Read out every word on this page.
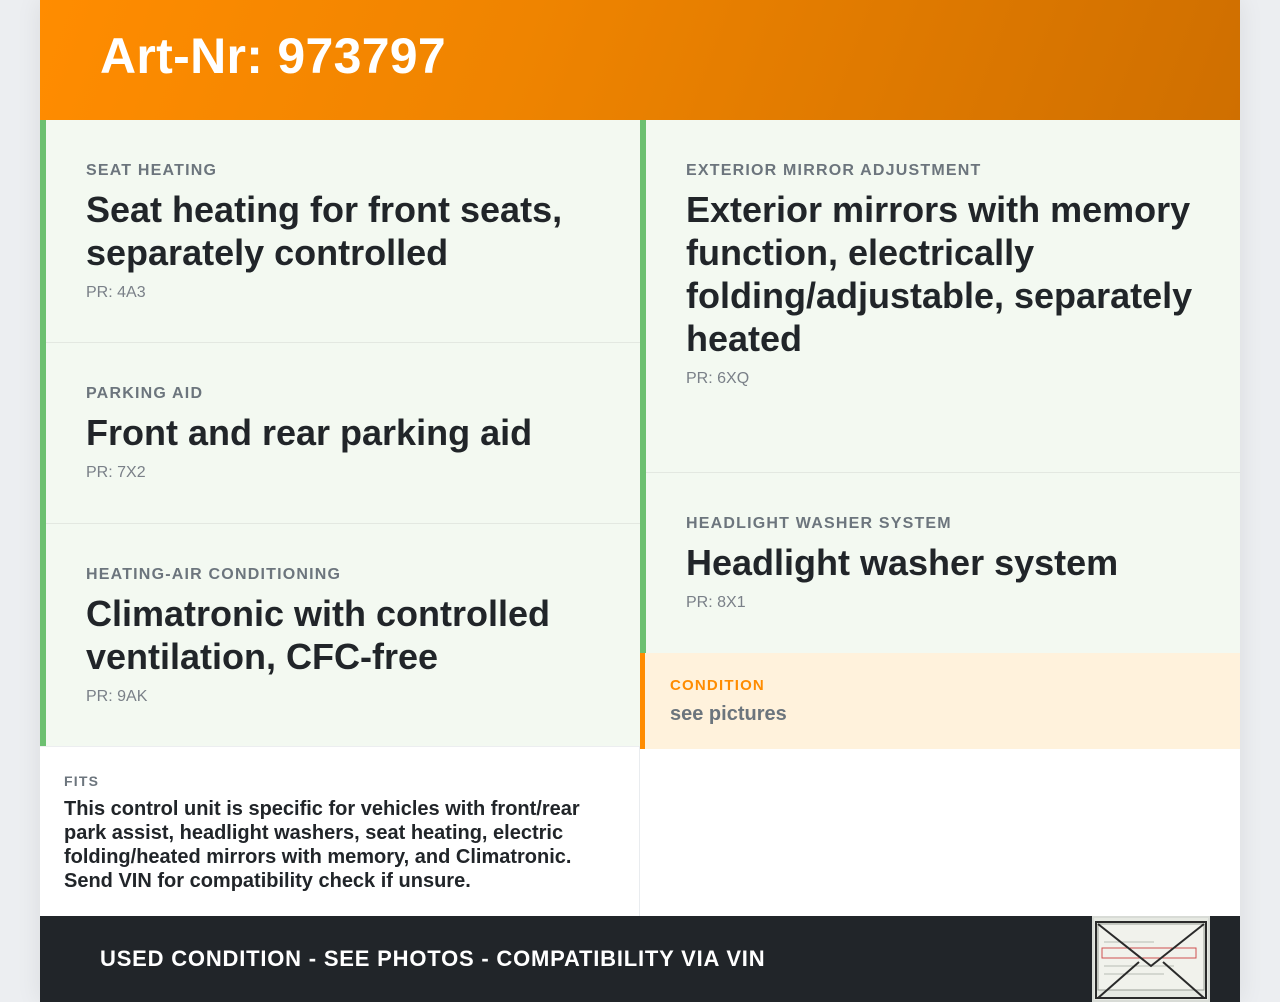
Art-Nr: 973797
SEAT HEATING
Seat heating for front seats, separately controlled
PR: 4A3
PARKING AID
Front and rear parking aid
PR: 7X2
HEATING-AIR CONDITIONING
Climatronic with controlled ventilation, CFC-free
PR: 9AK
EXTERIOR MIRROR ADJUSTMENT
Exterior mirrors with memory function, electrically folding/adjustable, separately heated
PR: 6XQ
HEADLIGHT WASHER SYSTEM
Headlight washer system
PR: 8X1
CONDITION
see pictures
FITS
This control unit is specific for vehicles with front/rear park assist, headlight washers, seat heating, electric folding/heated mirrors with memory, and Climatronic. Send VIN for compatibility check if unsure.
USED CONDITION - SEE PHOTOS - COMPATIBILITY VIA VIN
